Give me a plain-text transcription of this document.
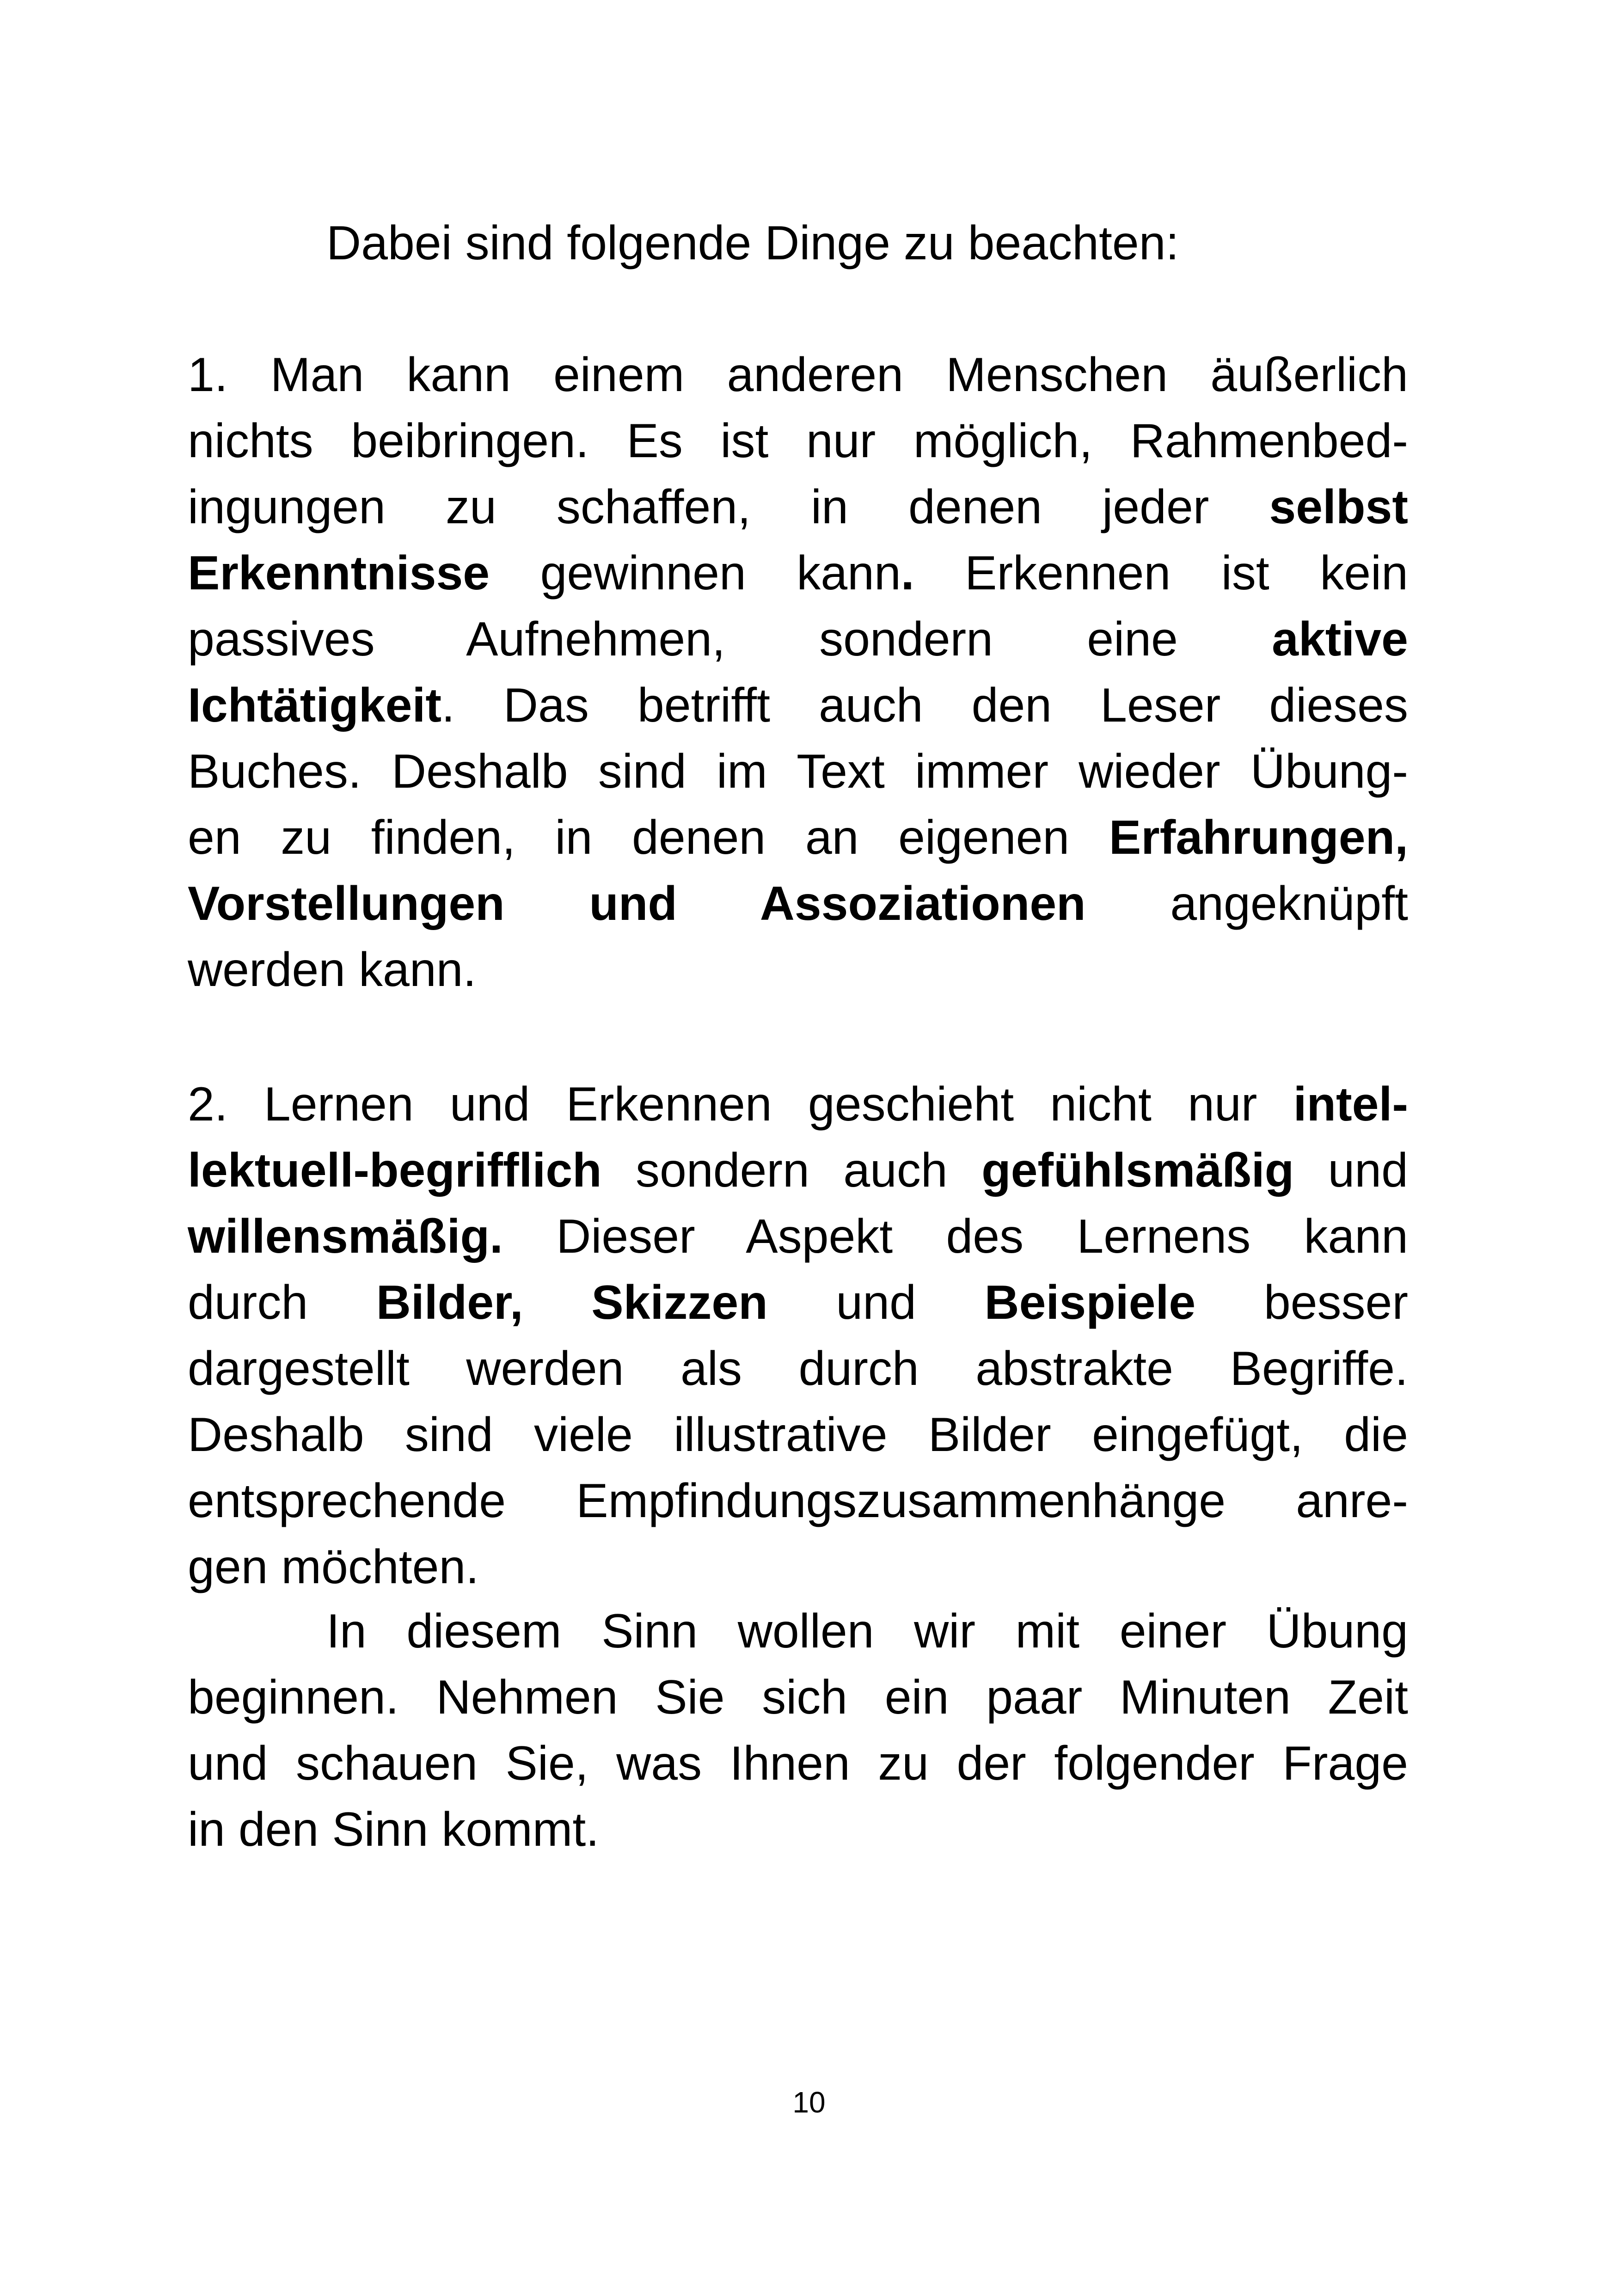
Dabei sind folgende Dinge zu beachten:
1. Man kann einem anderen Menschen äußerlich
nichts beibringen. Es ist nur möglich, Rahmenbed-
ingungen zu schaffen, in denen jeder selbst
Erkenntnisse gewinnen kann. Erkennen ist kein
passives Aufnehmen, sondern eine aktive
Ichtätigkeit. Das betrifft auch den Leser dieses
Buches. Deshalb sind im Text immer wieder Übung-
en zu finden, in denen an eigenen Erfahrungen,
Vorstellungen und Assoziationen angeknüpft
werden kann.
2. Lernen und Erkennen geschieht nicht nur intel-
lektuell-begrifflich sondern auch gefühlsmäßig und
willensmäßig. Dieser Aspekt des Lernens kann
durch Bilder, Skizzen und Beispiele besser
dargestellt werden als durch abstrakte Begriffe.
Deshalb sind viele illustrative Bilder eingefügt, die
entsprechende Empfindungszusammenhänge anre-
gen möchten.
In diesem Sinn wollen wir mit einer Übung
beginnen. Nehmen Sie sich ein paar Minuten Zeit
und schauen Sie, was Ihnen zu der folgender Frage
in den Sinn kommt.
10
